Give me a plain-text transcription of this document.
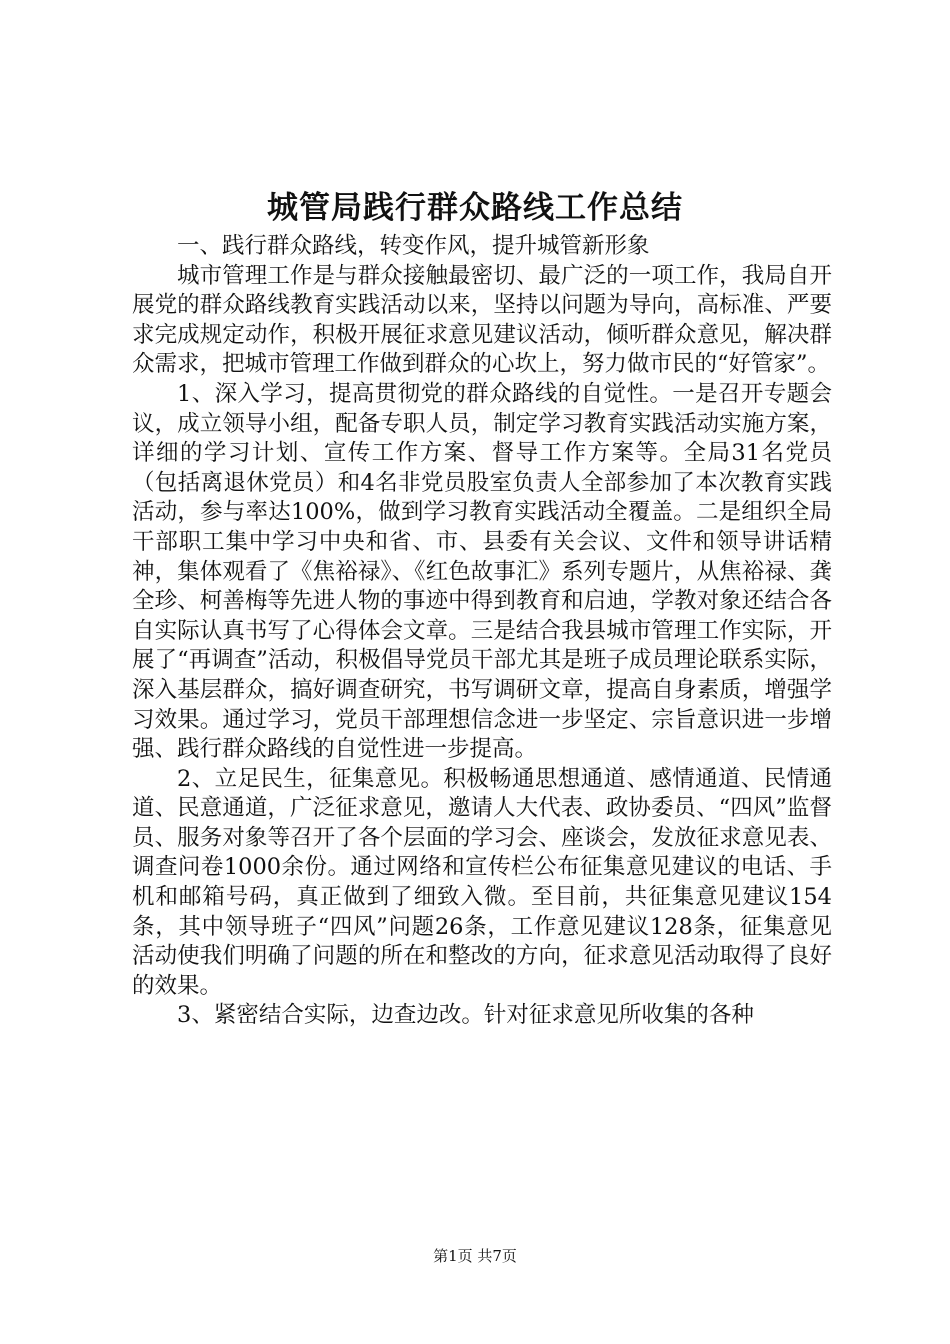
城管局践行群众路线工作总结

一、践行群众路线，转变作风，提升城管新形象

城市管理工作是与群众接触最密切、最广泛的一项工作，我局自开展党的群众路线教育实践活动以来，坚持以问题为导向，高标准、严要求完成规定动作，积极开展征求意见建议活动，倾听群众意见，解决群众需求，把城市管理工作做到群众的心坎上，努力做市民的“好管家”。

1、深入学习，提高贯彻党的群众路线的自觉性。一是召开专题会议，成立领导小组，配备专职人员，制定学习教育实践活动实施方案，详细的学习计划、宣传工作方案、督导工作方案等。全局31名党员（包括离退休党员）和4名非党员股室负责人全部参加了本次教育实践活动，参与率达100%，做到学习教育实践活动全覆盖。二是组织全局干部职工集中学习中央和省、市、县委有关会议、文件和领导讲话精神，集体观看了《焦裕禄》、《红色故事汇》系列专题片，从焦裕禄、龚全珍、柯善梅等先进人物的事迹中得到教育和启迪，学教对象还结合各自实际认真书写了心得体会文章。三是结合我县城市管理工作实际，开展了“再调查”活动，积极倡导党员干部尤其是班子成员理论联系实际，深入基层群众，搞好调查研究，书写调研文章，提高自身素质，增强学习效果。通过学习，党员干部理想信念进一步坚定、宗旨意识进一步增强、践行群众路线的自觉性进一步提高。

2、立足民生，征集意见。积极畅通思想通道、感情通道、民情通道、民意通道，广泛征求意见，邀请人大代表、政协委员、“四风”监督员、服务对象等召开了各个层面的学习会、座谈会，发放征求意见表、调查问卷1000余份。通过网络和宣传栏公布征集意见建议的电话、手机和邮箱号码，真正做到了细致入微。至目前，共征集意见建议154条，其中领导班子“四风”问题26条，工作意见建议128条，征集意见活动使我们明确了问题的所在和整改的方向，征求意见活动取得了良好的效果。

3、紧密结合实际，边查边改。针对征求意见所收集的各种

第1页 共7页
